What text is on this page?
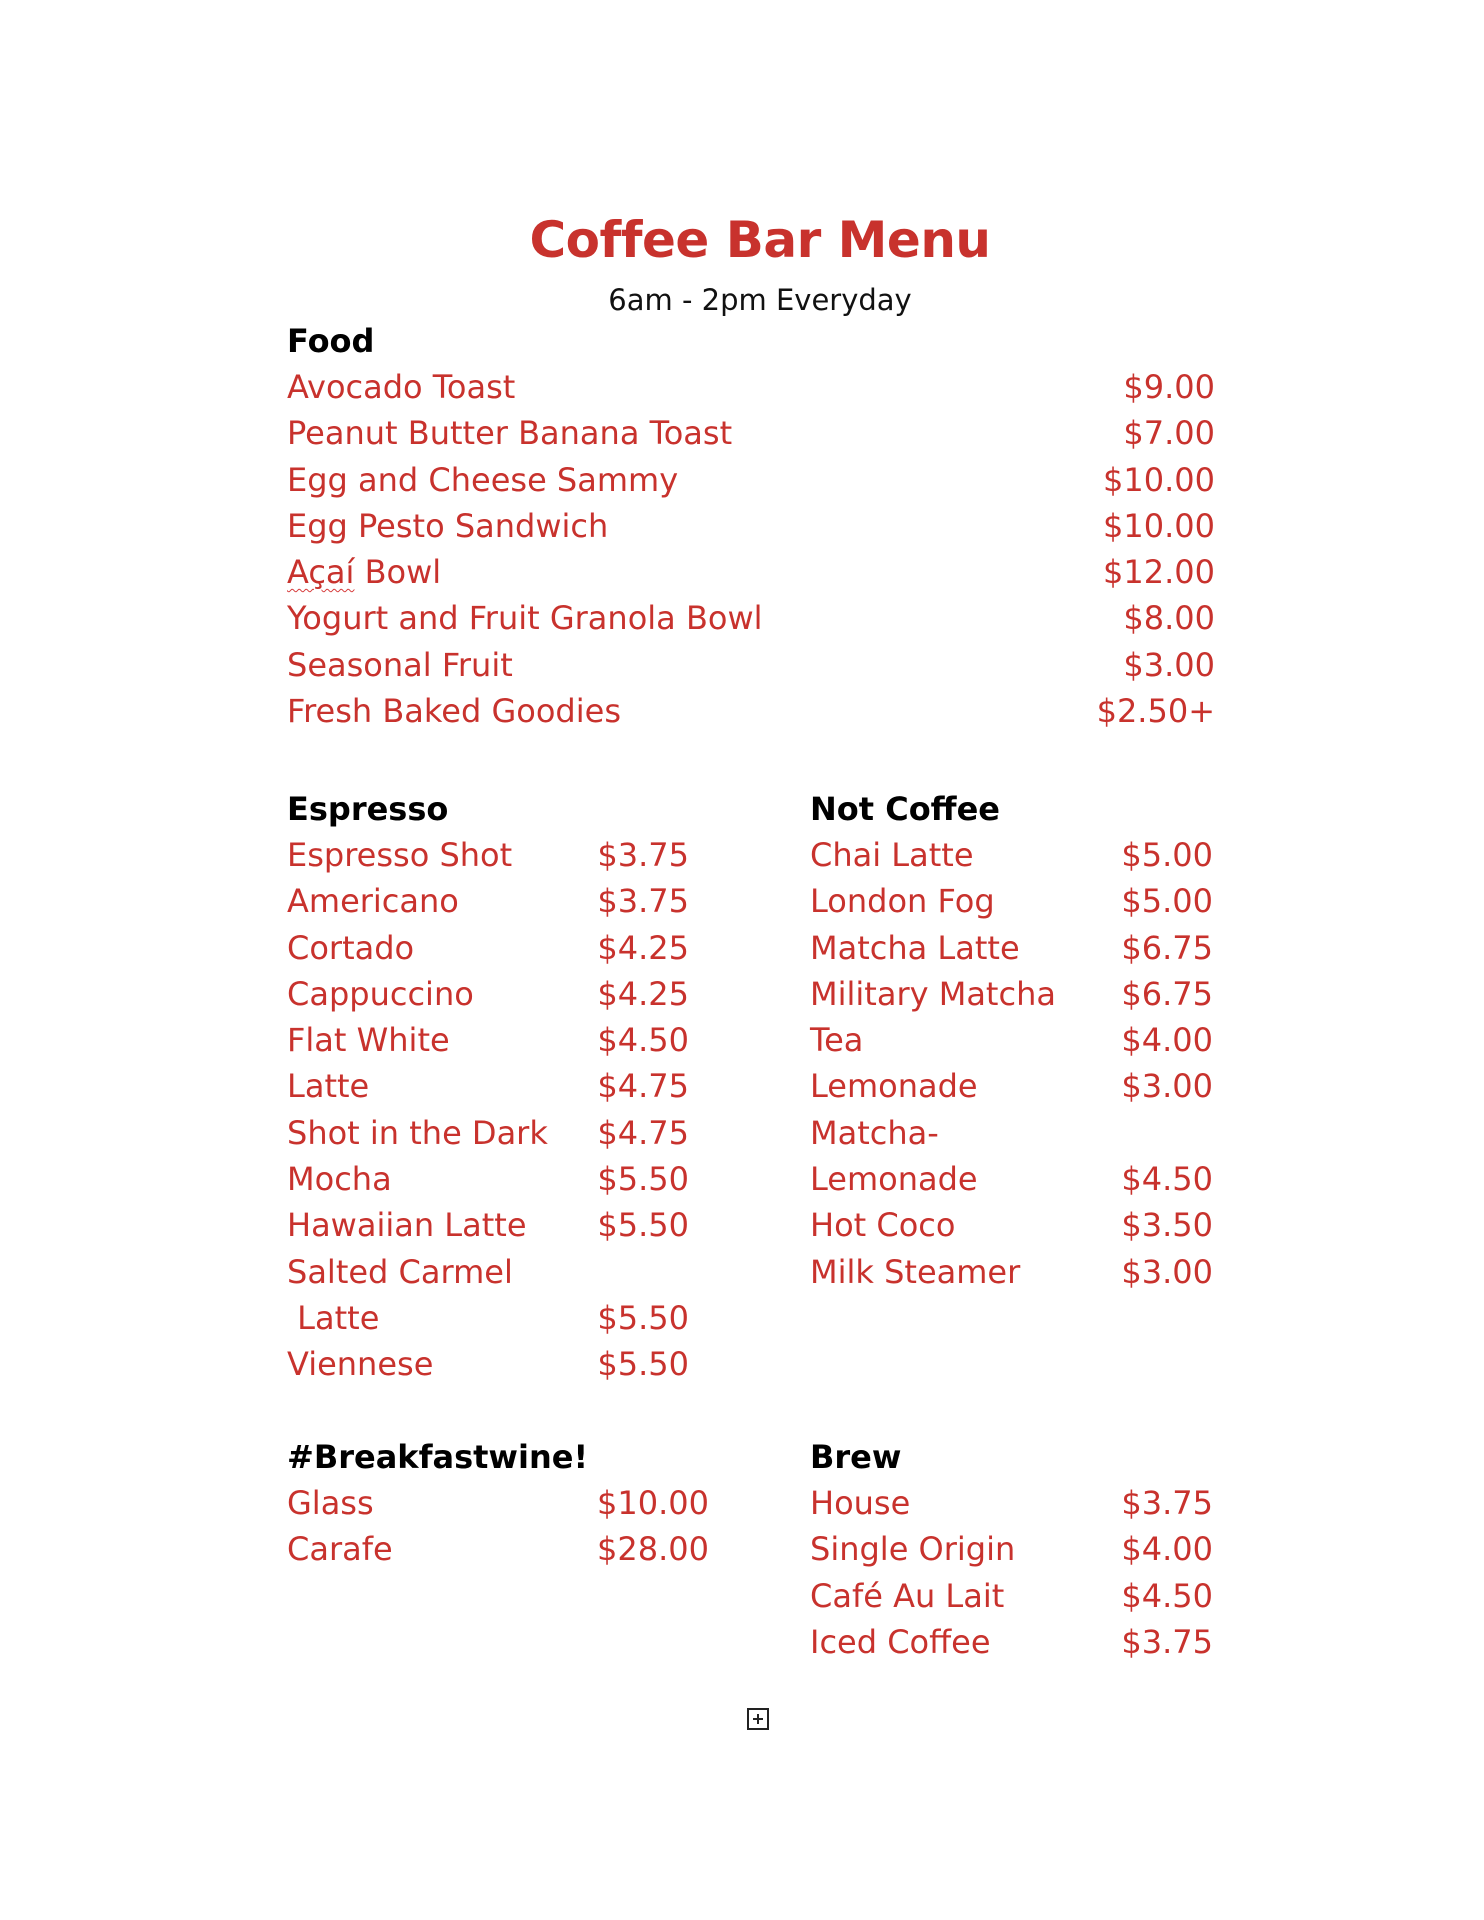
Coffee Bar Menu
6am - 2pm Everyday
Food
Avocado Toast	$9.00
Peanut Butter Banana Toast	$7.00
Egg and Cheese Sammy	$10.00
Egg Pesto Sandwich	$10.00
Açaí Bowl	$12.00
Yogurt and Fruit Granola Bowl	$8.00
Seasonal Fruit	$3.00
Fresh Baked Goodies	$2.50+
Espresso
Espresso Shot	$3.75
Americano	$3.75
Cortado	$4.25
Cappuccino	$4.25
Flat White	$4.50
Latte	$4.75
Shot in the Dark $4.75
Mocha	$5.50
Hawaiian Latte $5.50
Salted Carmel
Latte	$5.50
Viennese	$5.50
Not Coffee
Chai Latte	$5.00
London Fog	$5.00
Matcha Latte	$6.75
Military Matcha $6.75
Tea	$4.00
Lemonade	$3.00
Matcha-
Lemonade	$4.50
Hot Coco	$3.50
Milk Steamer	$3.00
#Breakfastwine!
Glass	$10.00
Carafe	$28.00
Brew
House	$3.75
Single Origin	$4.00
Café Au Lait	$4.50
Iced Coffee	$3.75
